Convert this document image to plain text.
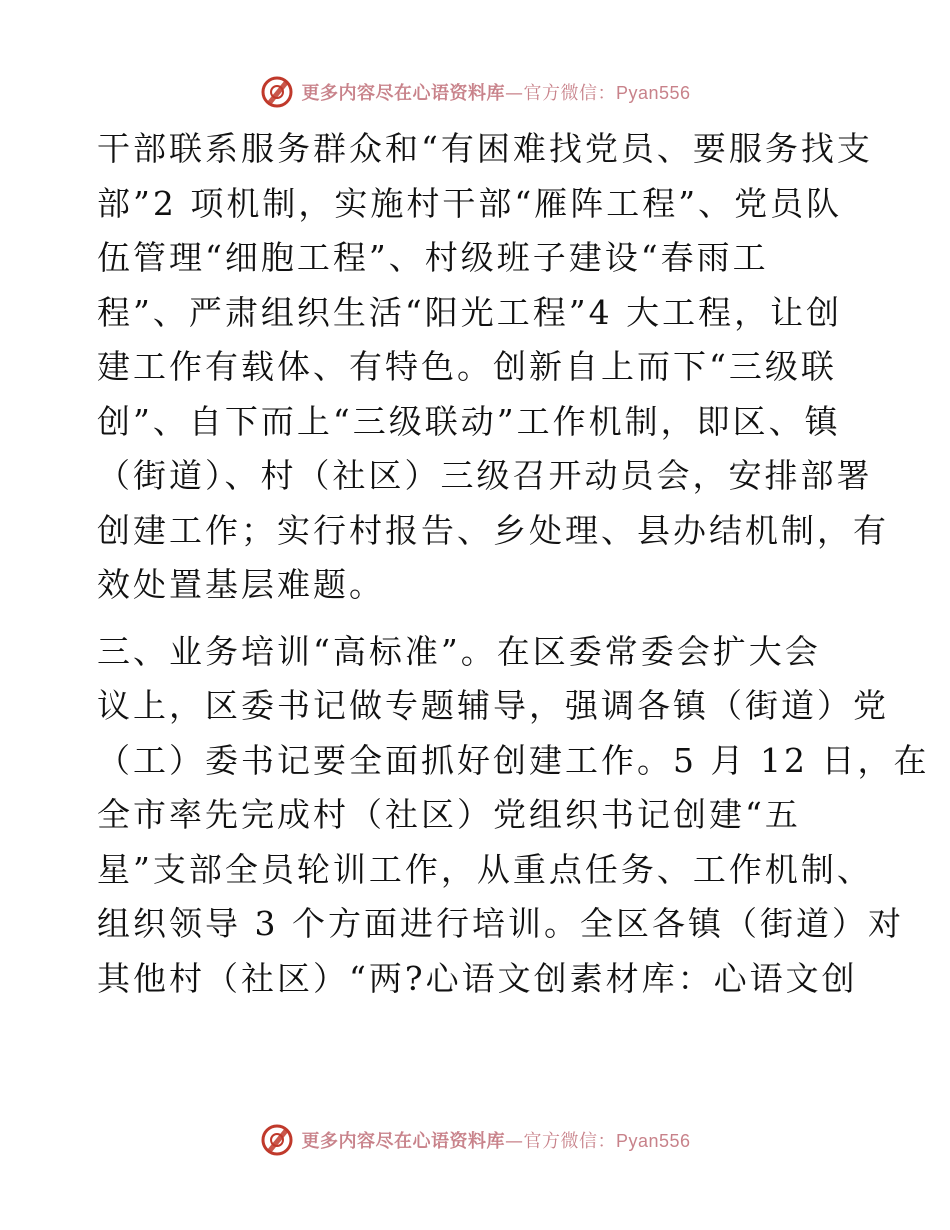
更多内容尽在心语资料库—官方微信：Pyan556
干部联系服务群众和“有困难找党员、要服务找支
部”2 项机制，实施村干部“雁阵工程”、党员队
伍管理“细胞工程”、村级班子建设“春雨工
程”、严肃组织生活“阳光工程”4 大工程，让创
建工作有载体、有特色。创新自上而下“三级联
创”、自下而上“三级联动”工作机制，即区、镇
（街道）、村（社区）三级召开动员会，安排部署
创建工作；实行村报告、乡处理、县办结机制，有
效处置基层难题。
三、业务培训“高标准”。在区委常委会扩大会
议上，区委书记做专题辅导，强调各镇（街道）党
（工）委书记要全面抓好创建工作。5 月 12 日，在
全市率先完成村（社区）党组织书记创建“五
星”支部全员轮训工作，从重点任务、工作机制、
组织领导 3 个方面进行培训。全区各镇（街道）对
其他村（社区）“两?心语文创素材库：心语文创
更多内容尽在心语资料库—官方微信：Pyan556
